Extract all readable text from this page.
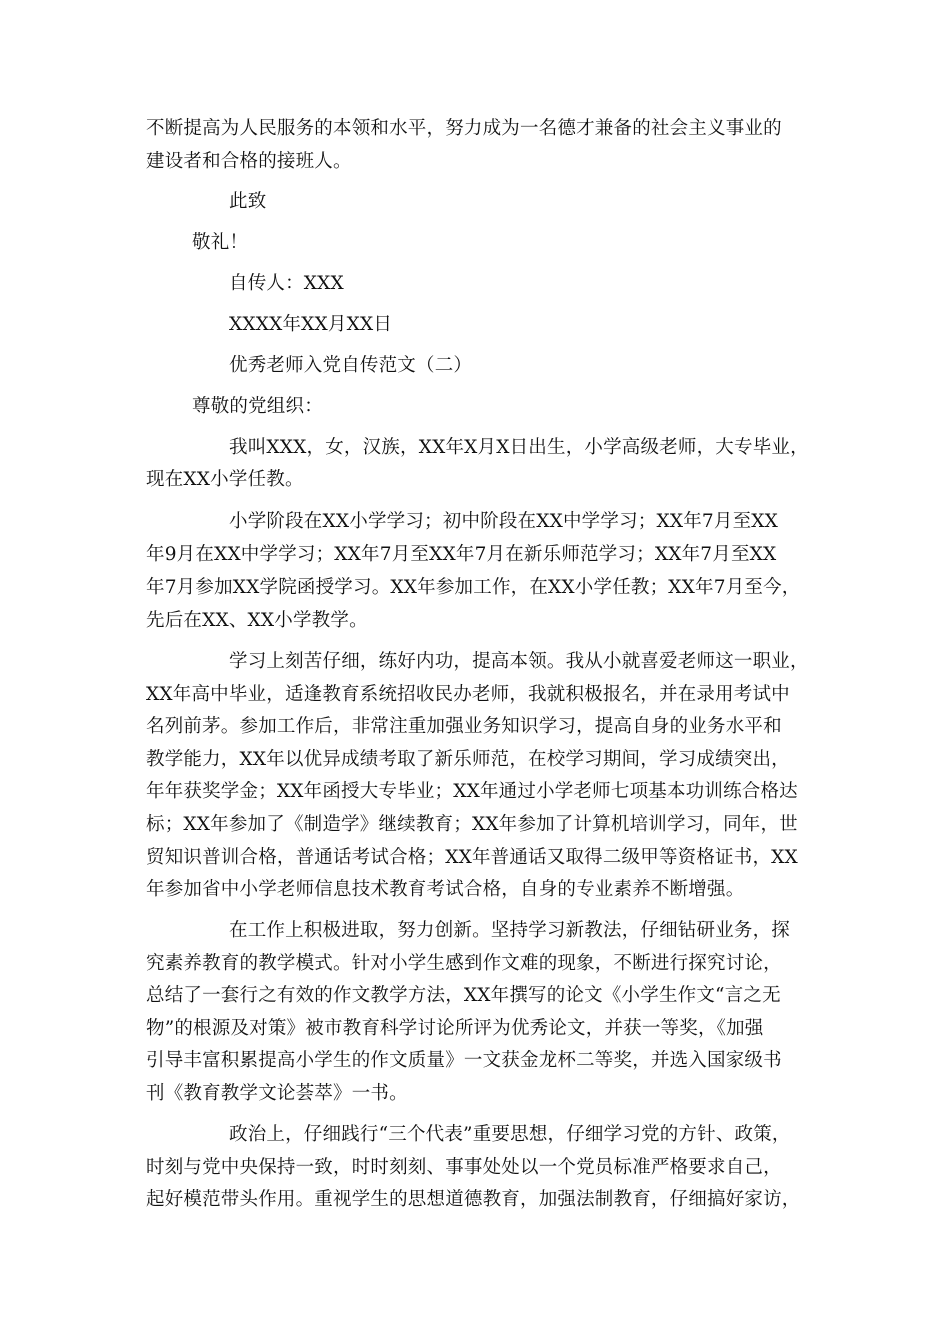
不断提高为人民服务的本领和水平，努力成为一名德才兼备的社会主义事业的
建设者和合格的接班人。
此致
敬礼！
自传人：XXX
XXXX年XX月XX日
优秀老师入党自传范文（二）
尊敬的党组织：
我叫XXX，女，汉族，XX年X月X日出生，小学高级老师，大专毕业，
现在XX小学任教。
小学阶段在XX小学学习；初中阶段在XX中学学习；XX年7月至XX
年9月在XX中学学习；XX年7月至XX年7月在新乐师范学习；XX年7月至XX
年7月参加XX学院函授学习。XX年参加工作，在XX小学任教；XX年7月至今，
先后在XX、XX小学教学。
学习上刻苦仔细，练好内功，提高本领。我从小就喜爱老师这一职业，
XX年高中毕业，适逢教育系统招收民办老师，我就积极报名，并在录用考试中
名列前茅。参加工作后，非常注重加强业务知识学习，提高自身的业务水平和
教学能力，XX年以优异成绩考取了新乐师范，在校学习期间，学习成绩突出，
年年获奖学金；XX年函授大专毕业；XX年通过小学老师七项基本功训练合格达
标；XX年参加了《制造学》继续教育；XX年参加了计算机培训学习，同年，世
贸知识普训合格，普通话考试合格；XX年普通话又取得二级甲等资格证书，XX
年参加省中小学老师信息技术教育考试合格，自身的专业素养不断增强。
在工作上积极进取，努力创新。坚持学习新教法，仔细钻研业务，探
究素养教育的教学模式。针对小学生感到作文难的现象，不断进行探究讨论，
总结了一套行之有效的作文教学方法，XX年撰写的论文《小学生作文“言之无
物”的根源及对策》被市教育科学讨论所评为优秀论文，并获一等奖，《加强
引导丰富积累提高小学生的作文质量》一文获金龙杯二等奖，并选入国家级书
刊《教育教学文论荟萃》一书。
政治上，仔细践行“三个代表”重要思想，仔细学习党的方针、政策，
时刻与党中央保持一致，时时刻刻、事事处处以一个党员标准严格要求自己，
起好模范带头作用。重视学生的思想道德教育，加强法制教育，仔细搞好家访，
